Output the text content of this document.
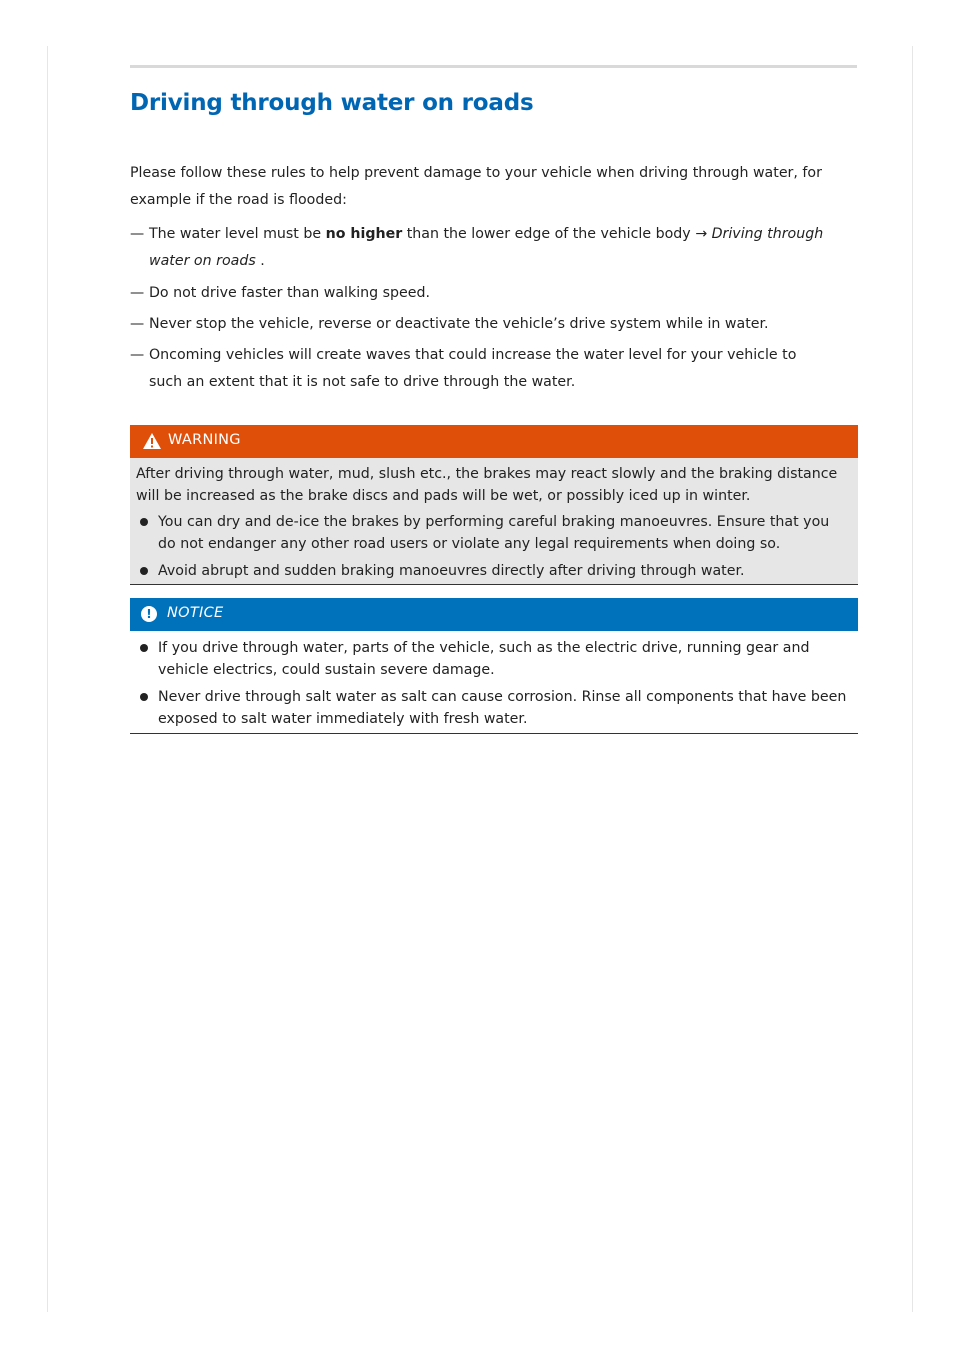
Driving through water on roads

Please follow these rules to help prevent damage to your vehicle when driving through water, for example if the road is flooded:

— The water level must be no higher than the lower edge of the vehicle body → Driving through
water on roads .
— Do not drive faster than walking speed.
— Never stop the vehicle, reverse or deactivate the vehicle’s drive system while in water.
— Oncoming vehicles will create waves that could increase the water level for your vehicle to
such an extent that it is not safe to drive through the water.
WARNING

After driving through water, mud, slush etc., the brakes may react slowly and the braking distance will be increased as the brake discs and pads will be wet, or possibly iced up in winter.

You can dry and de-ice the brakes by performing careful braking manoeuvres. Ensure that you do not endanger any other road users or violate any legal requirements when doing so.
Avoid abrupt and sudden braking manoeuvres directly after driving through water.
!	NOTICE
If you drive through water, parts of the vehicle, such as the electric drive, running gear and vehicle electrics, could sustain severe damage.
Never drive through salt water as salt can cause corrosion. Rinse all components that have been exposed to salt water immediately with fresh water.
